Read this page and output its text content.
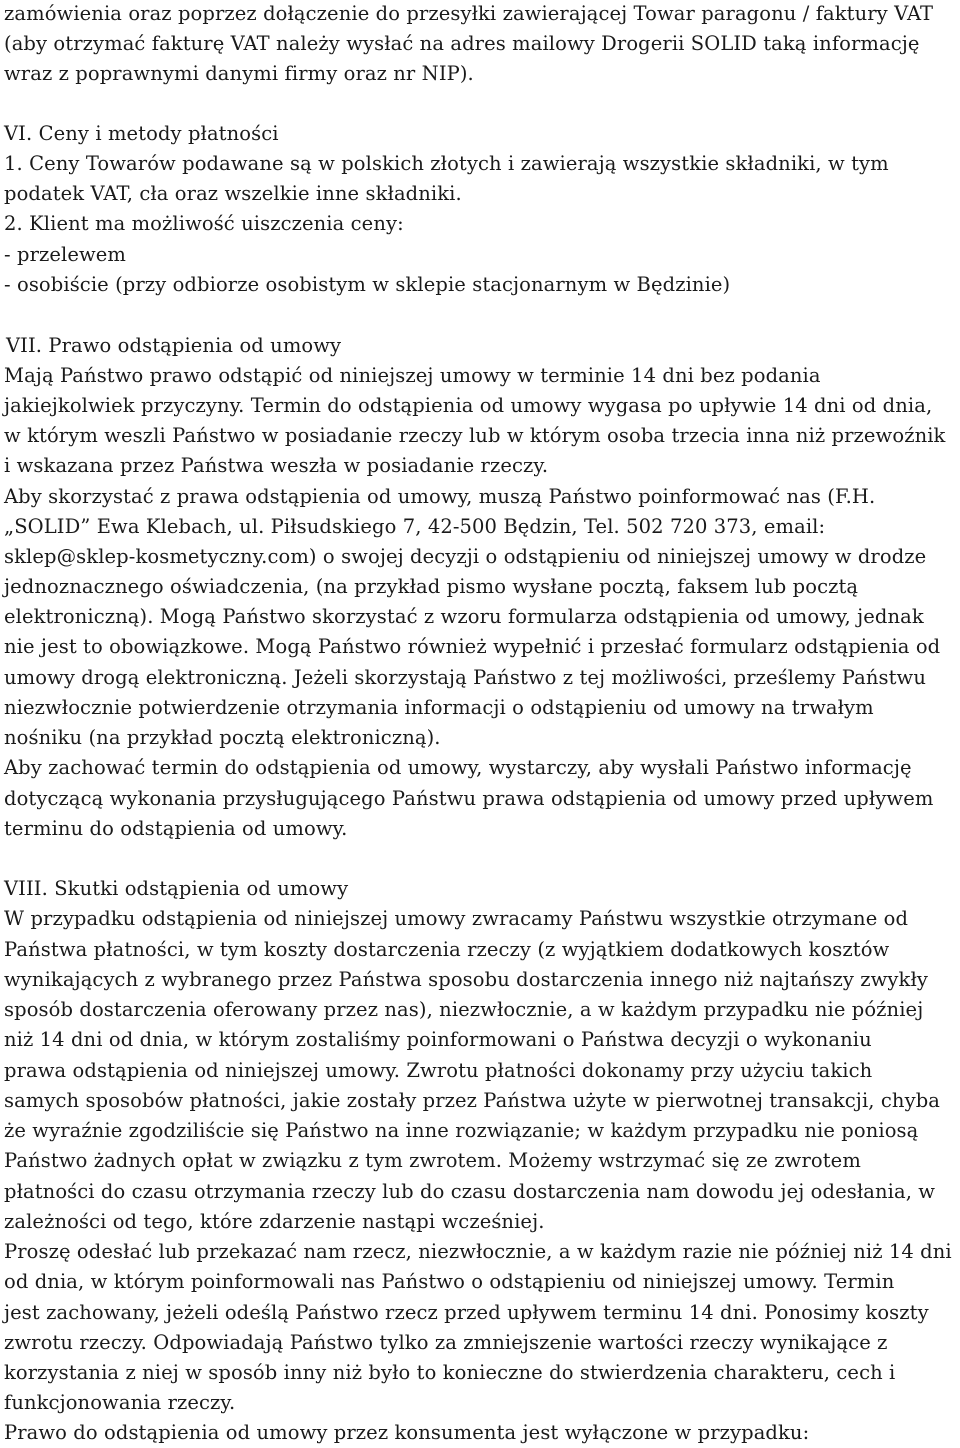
zamówienia oraz poprzez dołączenie do przesyłki zawierającej Towar paragonu / faktury VAT

(aby otrzymać fakturę VAT należy wysłać na adres mailowy Drogerii SOLID taką informację

wraz z poprawnymi danymi firmy oraz nr NIP).

VI. Ceny i metody płatności

1. Ceny Towarów podawane są w polskich złotych i zawierają wszystkie składniki, w tym

podatek VAT, cła oraz wszelkie inne składniki.

2. Klient ma możliwość uiszczenia ceny:

- przelewem

- osobiście (przy odbiorze osobistym w sklepie stacjonarnym w Będzinie)

VII. Prawo odstąpienia od umowy

Mają Państwo prawo odstąpić od niniejszej umowy w terminie 14 dni bez podania

jakiejkolwiek przyczyny. Termin do odstąpienia od umowy wygasa po upływie 14 dni od dnia,

w którym weszli Państwo w posiadanie rzeczy lub w którym osoba trzecia inna niż przewoźnik

i wskazana przez Państwa weszła w posiadanie rzeczy.

Aby skorzystać z prawa odstąpienia od umowy, muszą Państwo poinformować nas (F.H.

„SOLID” Ewa Klebach, ul. Piłsudskiego 7, 42-500 Będzin, Tel. 502 720 373, email:

sklep@sklep-kosmetyczny.com) o swojej decyzji o odstąpieniu od niniejszej umowy w drodze

jednoznacznego oświadczenia, (na przykład pismo wysłane pocztą, faksem lub pocztą

elektroniczną). Mogą Państwo skorzystać z wzoru formularza odstąpienia od umowy, jednak

nie jest to obowiązkowe. Mogą Państwo również wypełnić i przesłać formularz odstąpienia od

umowy drogą elektroniczną. Jeżeli skorzystają Państwo z tej możliwości, prześlemy Państwu

niezwłocznie potwierdzenie otrzymania informacji o odstąpieniu od umowy na trwałym

nośniku (na przykład pocztą elektroniczną).

Aby zachować termin do odstąpienia od umowy, wystarczy, aby wysłali Państwo informację

dotyczącą wykonania przysługującego Państwu prawa odstąpienia od umowy przed upływem

terminu do odstąpienia od umowy.

VIII. Skutki odstąpienia od umowy

W przypadku odstąpienia od niniejszej umowy zwracamy Państwu wszystkie otrzymane od

Państwa płatności, w tym koszty dostarczenia rzeczy (z wyjątkiem dodatkowych kosztów

wynikających z wybranego przez Państwa sposobu dostarczenia innego niż najtańszy zwykły

sposób dostarczenia oferowany przez nas), niezwłocznie, a w każdym przypadku nie później

niż 14 dni od dnia, w którym zostaliśmy poinformowani o Państwa decyzji o wykonaniu

prawa odstąpienia od niniejszej umowy. Zwrotu płatności dokonamy przy użyciu takich

samych sposobów płatności, jakie zostały przez Państwa użyte w pierwotnej transakcji, chyba

że wyraźnie zgodziliście się Państwo na inne rozwiązanie; w każdym przypadku nie poniosą

Państwo żadnych opłat w związku z tym zwrotem. Możemy wstrzymać się ze zwrotem

płatności do czasu otrzymania rzeczy lub do czasu dostarczenia nam dowodu jej odesłania, w

zależności od tego, które zdarzenie nastąpi wcześniej.

Proszę odesłać lub przekazać nam rzecz, niezwłocznie, a w każdym razie nie później niż 14 dni

od dnia, w którym poinformowali nas Państwo o odstąpieniu od niniejszej umowy. Termin

jest zachowany, jeżeli odeślą Państwo rzecz przed upływem terminu 14 dni. Ponosimy koszty

zwrotu rzeczy. Odpowiadają Państwo tylko za zmniejszenie wartości rzeczy wynikające z

korzystania z niej w sposób inny niż było to konieczne do stwierdzenia charakteru, cech i

funkcjonowania rzeczy.

Prawo do odstąpienia od umowy przez konsumenta jest wyłączone w przypadku:
